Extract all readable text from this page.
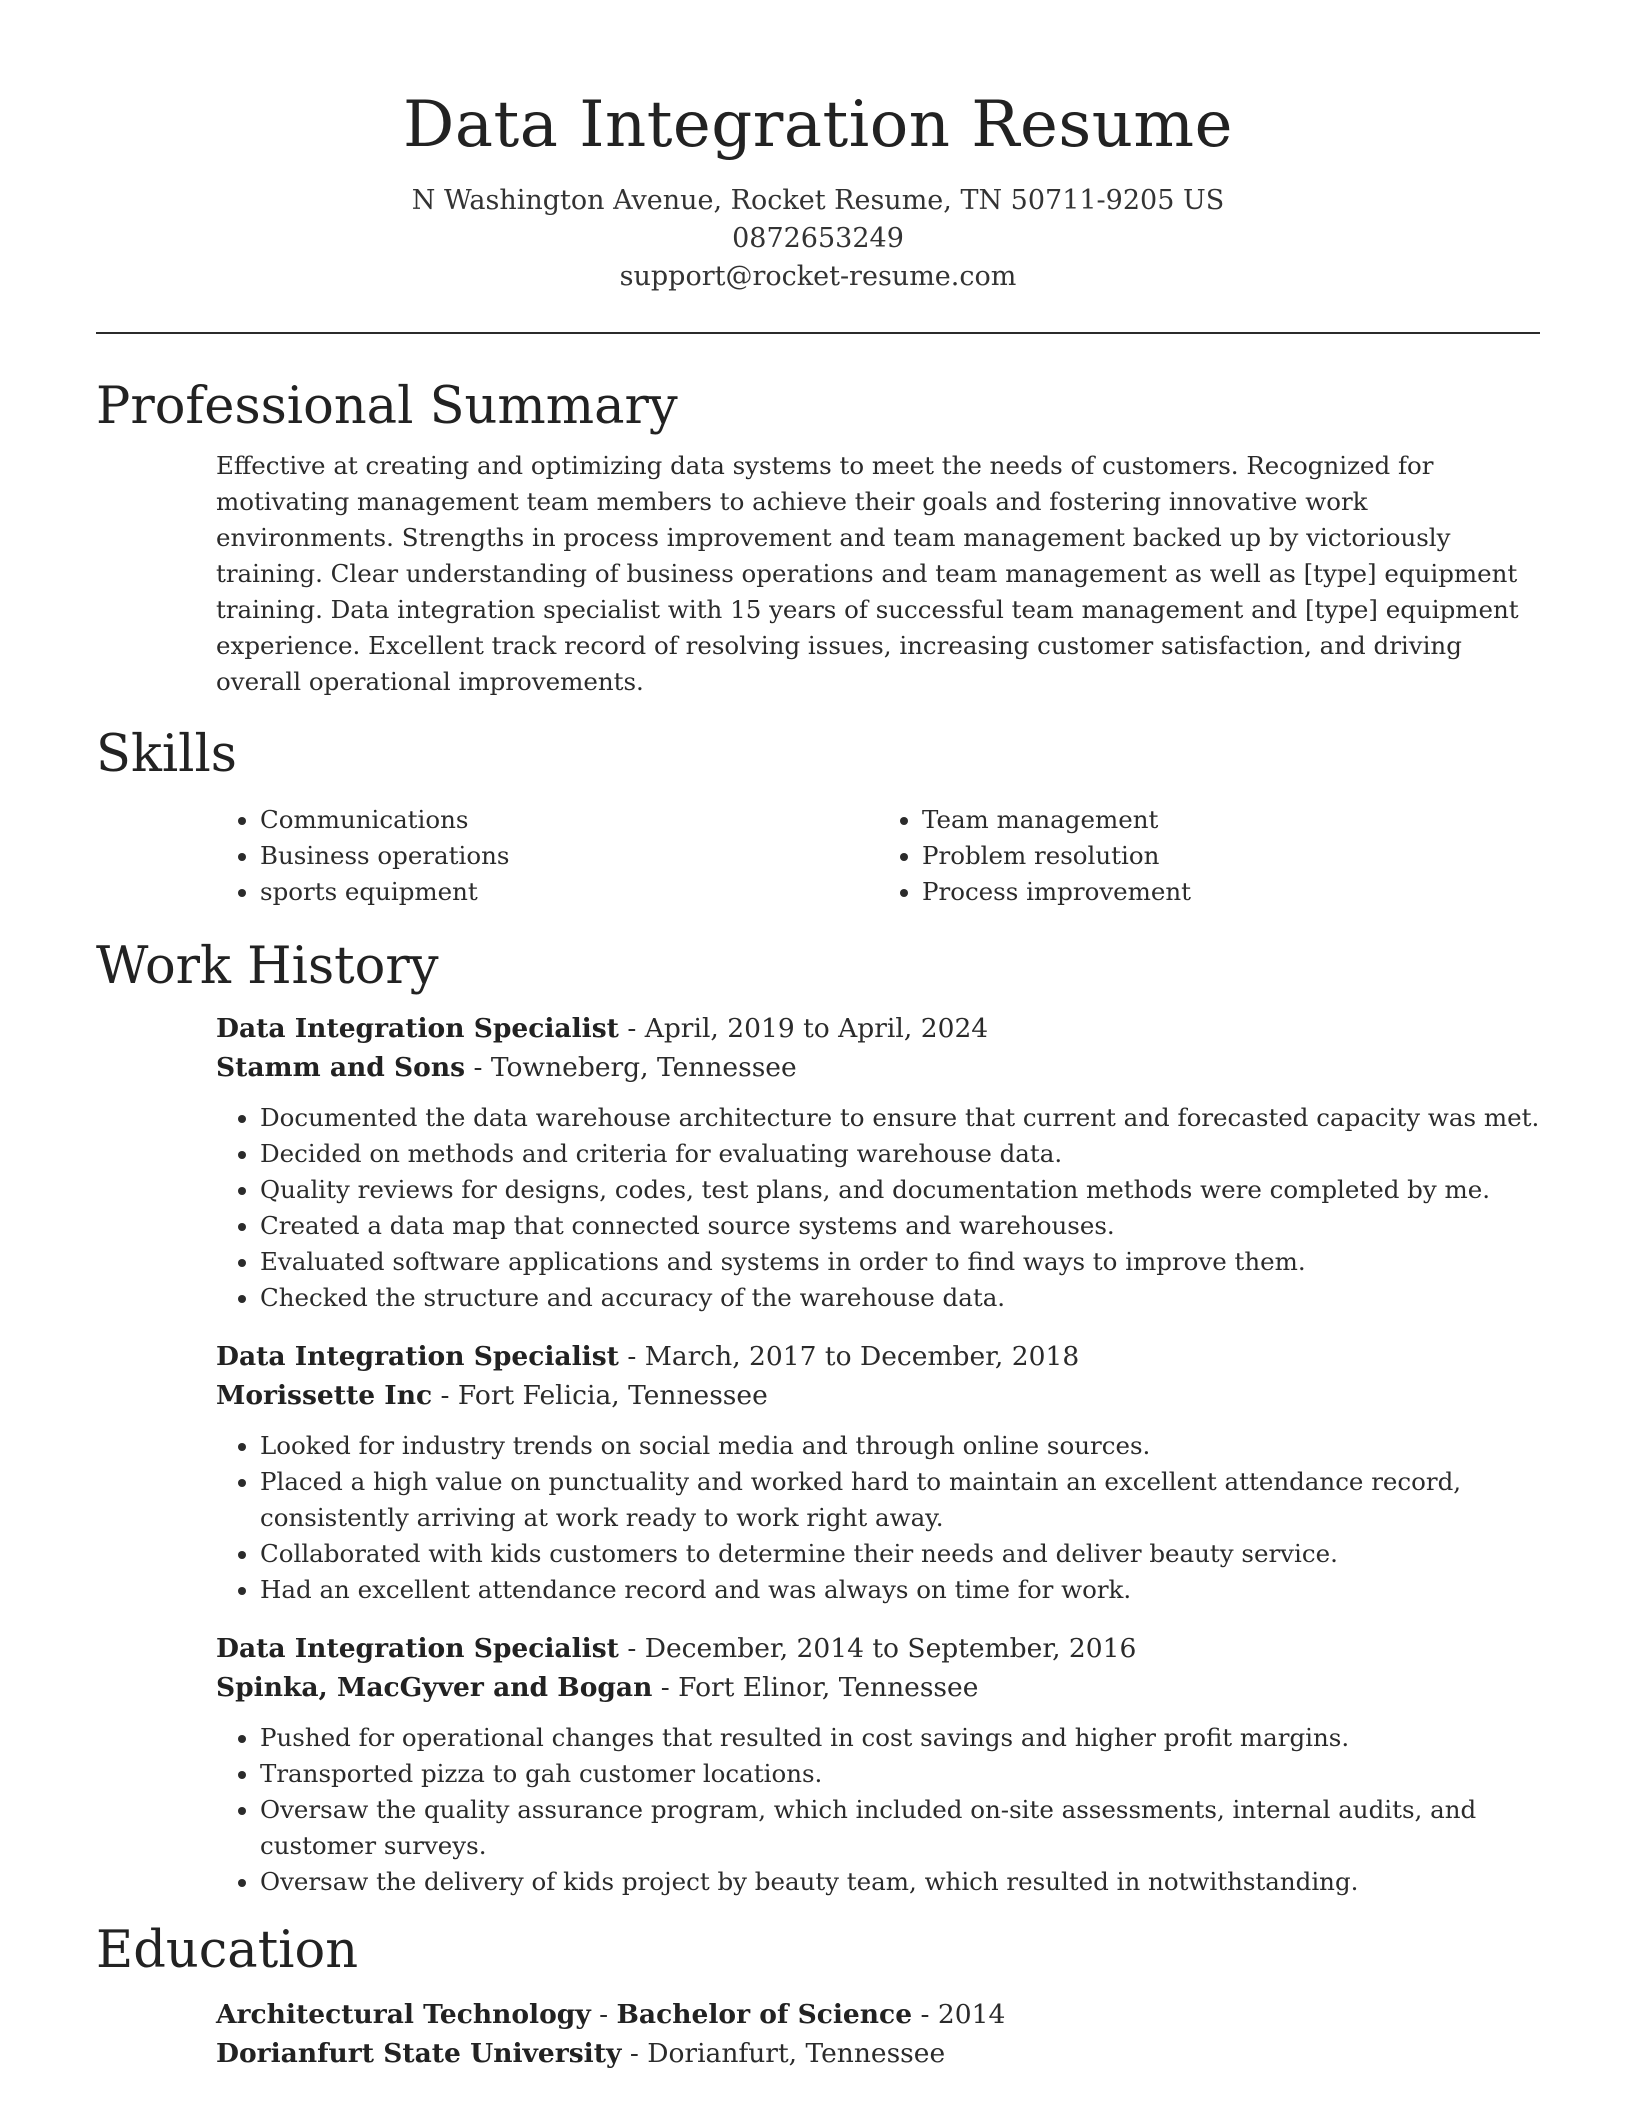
Data Integration Resume
N Washington Avenue, Rocket Resume, TN 50711-9205 US
0872653249
support@rocket-resume.com
Professional Summary

Effective at creating and optimizing data systems to meet the needs of customers. Recognized for motivating management team members to achieve their goals and fostering innovative work environments. Strengths in process improvement and team management backed up by victoriously training. Clear understanding of business operations and team management as well as [type] equipment training. Data integration specialist with 15 years of successful team management and [type] equipment experience. Excellent track record of resolving issues, increasing customer satisfaction, and driving overall operational improvements.

Skills
• Communications
• Business operations
• sports equipment
• Team management
• Problem resolution
• Process improvement
Work History
Data Integration Specialist - April, 2019 to April, 2024
Stamm and Sons - Towneberg, Tennessee
• Documented the data warehouse architecture to ensure that current and forecasted capacity was met.
• Decided on methods and criteria for evaluating warehouse data.
• Quality reviews for designs, codes, test plans, and documentation methods were completed by me.
• Created a data map that connected source systems and warehouses.
• Evaluated software applications and systems in order to find ways to improve them.
• Checked the structure and accuracy of the warehouse data.
Data Integration Specialist - March, 2017 to December, 2018
Morissette Inc - Fort Felicia, Tennessee
• Looked for industry trends on social media and through online sources.
• Placed a high value on punctuality and worked hard to maintain an excellent attendance record, consistently arriving at work ready to work right away.
• Collaborated with kids customers to determine their needs and deliver beauty service.
• Had an excellent attendance record and was always on time for work.
Data Integration Specialist - December, 2014 to September, 2016
Spinka, MacGyver and Bogan - Fort Elinor, Tennessee
• Pushed for operational changes that resulted in cost savings and higher profit margins.
• Transported pizza to gah customer locations.
• Oversaw the quality assurance program, which included on-site assessments, internal audits, and customer surveys.
• Oversaw the delivery of kids project by beauty team, which resulted in notwithstanding.
Education
Architectural Technology - Bachelor of Science - 2014
Dorianfurt State University - Dorianfurt, Tennessee
